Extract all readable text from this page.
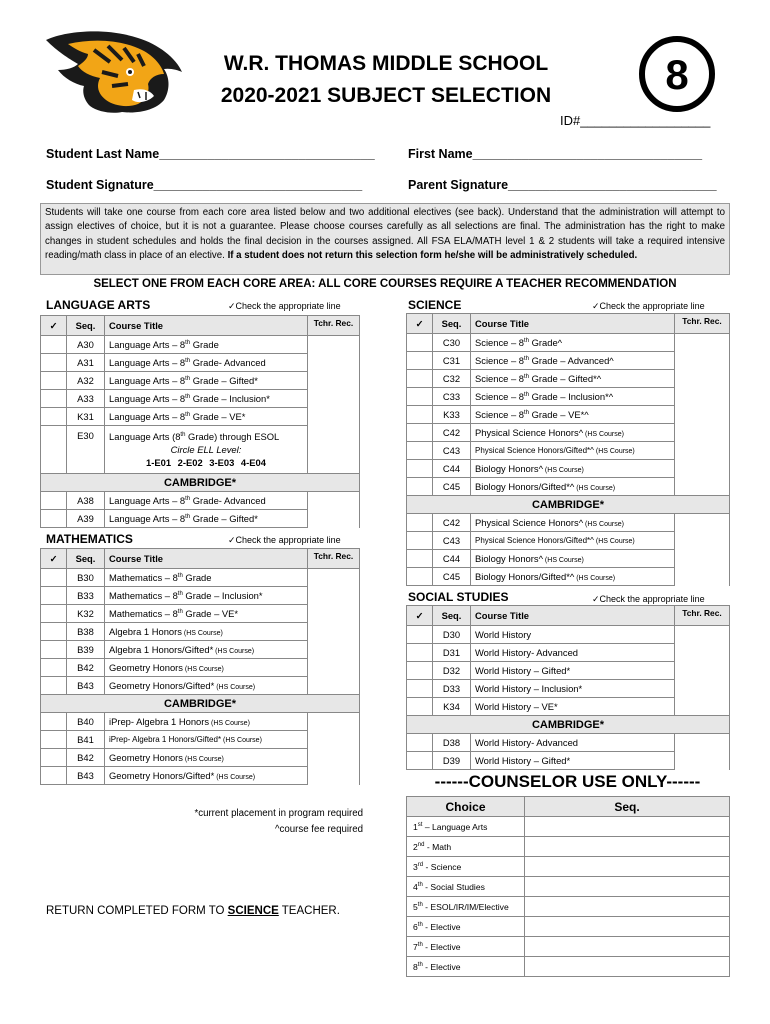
W.R. THOMAS MIDDLE SCHOOL
2020-2021 SUBJECT SELECTION	8
ID#__________________
Student Last Name_______________________________	First Name_________________________________
Student Signature______________________________	Parent Signature______________________________
Students will take one course from each core area listed below and two additional electives (see back). Understand that the administration will attempt to assign electives of choice, but it is not a guarantee. Please choose courses carefully as all selections are final. The administration has the right to make changes in student schedules and holds the final decision in the courses assigned. All FSA ELA/MATH level 1 & 2 students will take a required intensive reading/math class in place of an elective. If a student does not return this selection form he/she will be administratively scheduled.
SELECT ONE FROM EACH CORE AREA: ALL CORE COURSES REQUIRE A TEACHER RECOMMENDATION
LANGUAGE ARTS	✓Check the appropriate line
✓	Seq.	Course Title	Tchr. Rec.
	A30	Language Arts – 8th Grade	
	A31	Language Arts – 8th Grade- Advanced	
	A32	Language Arts – 8th Grade – Gifted*	
	A33	Language Arts – 8th Grade – Inclusion*	
	K31	Language Arts – 8th Grade – VE*	
	E30	Language Arts (8th Grade) through ESOL
Circle ELL Level:
1-E01 2-E02 3-E03 4-E04	

CAMBRIDGE*			
	A38	Language Arts – 8th Grade- Advanced	
	A39	Language Arts – 8th Grade – Gifted*	
MATHEMATICS	✓Check the appropriate line
✓	Seq.	Course Title	Tchr. Rec.
	B30	Mathematics – 8th Grade	
	B33	Mathematics – 8th Grade – Inclusion*	
	K32	Mathematics – 8th Grade – VE*	
	B38	Algebra 1 Honors (HS Course)	
	B39	Algebra 1 Honors/Gifted* (HS Course)	
	B42	Geometry Honors (HS Course)	
	B43	Geometry Honors/Gifted* (HS Course)	
CAMBRIDGE*			
	B40	iPrep- Algebra 1 Honors (HS Course)	
	B41	iPrep- Algebra 1 Honors/Gifted* (HS Course)	
	B42	Geometry Honors (HS Course)	
	B43	Geometry Honors/Gifted* (HS Course)	
SCIENCE	✓Check the appropriate line
✓	Seq.	Course Title	Tchr. Rec.
	C30	Science – 8th Grade^	
	C31	Science – 8th Grade – Advanced^	
	C32	Science – 8th Grade – Gifted*^	
	C33	Science – 8th Grade – Inclusion*^	
	K33	Science – 8th Grade – VE*^	
	C42	Physical Science Honors^ (HS Course)	
	C43	Physical Science Honors/Gifted*^ (HS Course)	
	C44	Biology Honors^ (HS Course)	
	C45	Biology Honors/Gifted*^ (HS Course)	
CAMBRIDGE*			
	C42	Physical Science Honors^ (HS Course)	
	C43	Physical Science Honors/Gifted*^ (HS Course)	
	C44	Biology Honors^ (HS Course)	
	C45	Biology Honors/Gifted*^ (HS Course)	
SOCIAL STUDIES	✓Check the appropriate line
✓	Seq.	Course Title	Tchr. Rec.
	D30	World History	
	D31	World History- Advanced	
	D32	World History – Gifted*	
	D33	World History – Inclusion*	
	K34	World History – VE*	
CAMBRIDGE*			
	D38	World History- Advanced	
	D39	World History – Gifted*	
*current placement in program required
^course fee required
RETURN COMPLETED FORM TO SCIENCE TEACHER.
------COUNSELOR USE ONLY------
Choice	Seq.
1st – Language Arts	
2nd - Math	
3rd - Science	
4th - Social Studies	
5th - ESOL/IR/IM/Elective	
6th - Elective	
7th - Elective	
8th - Elective	
